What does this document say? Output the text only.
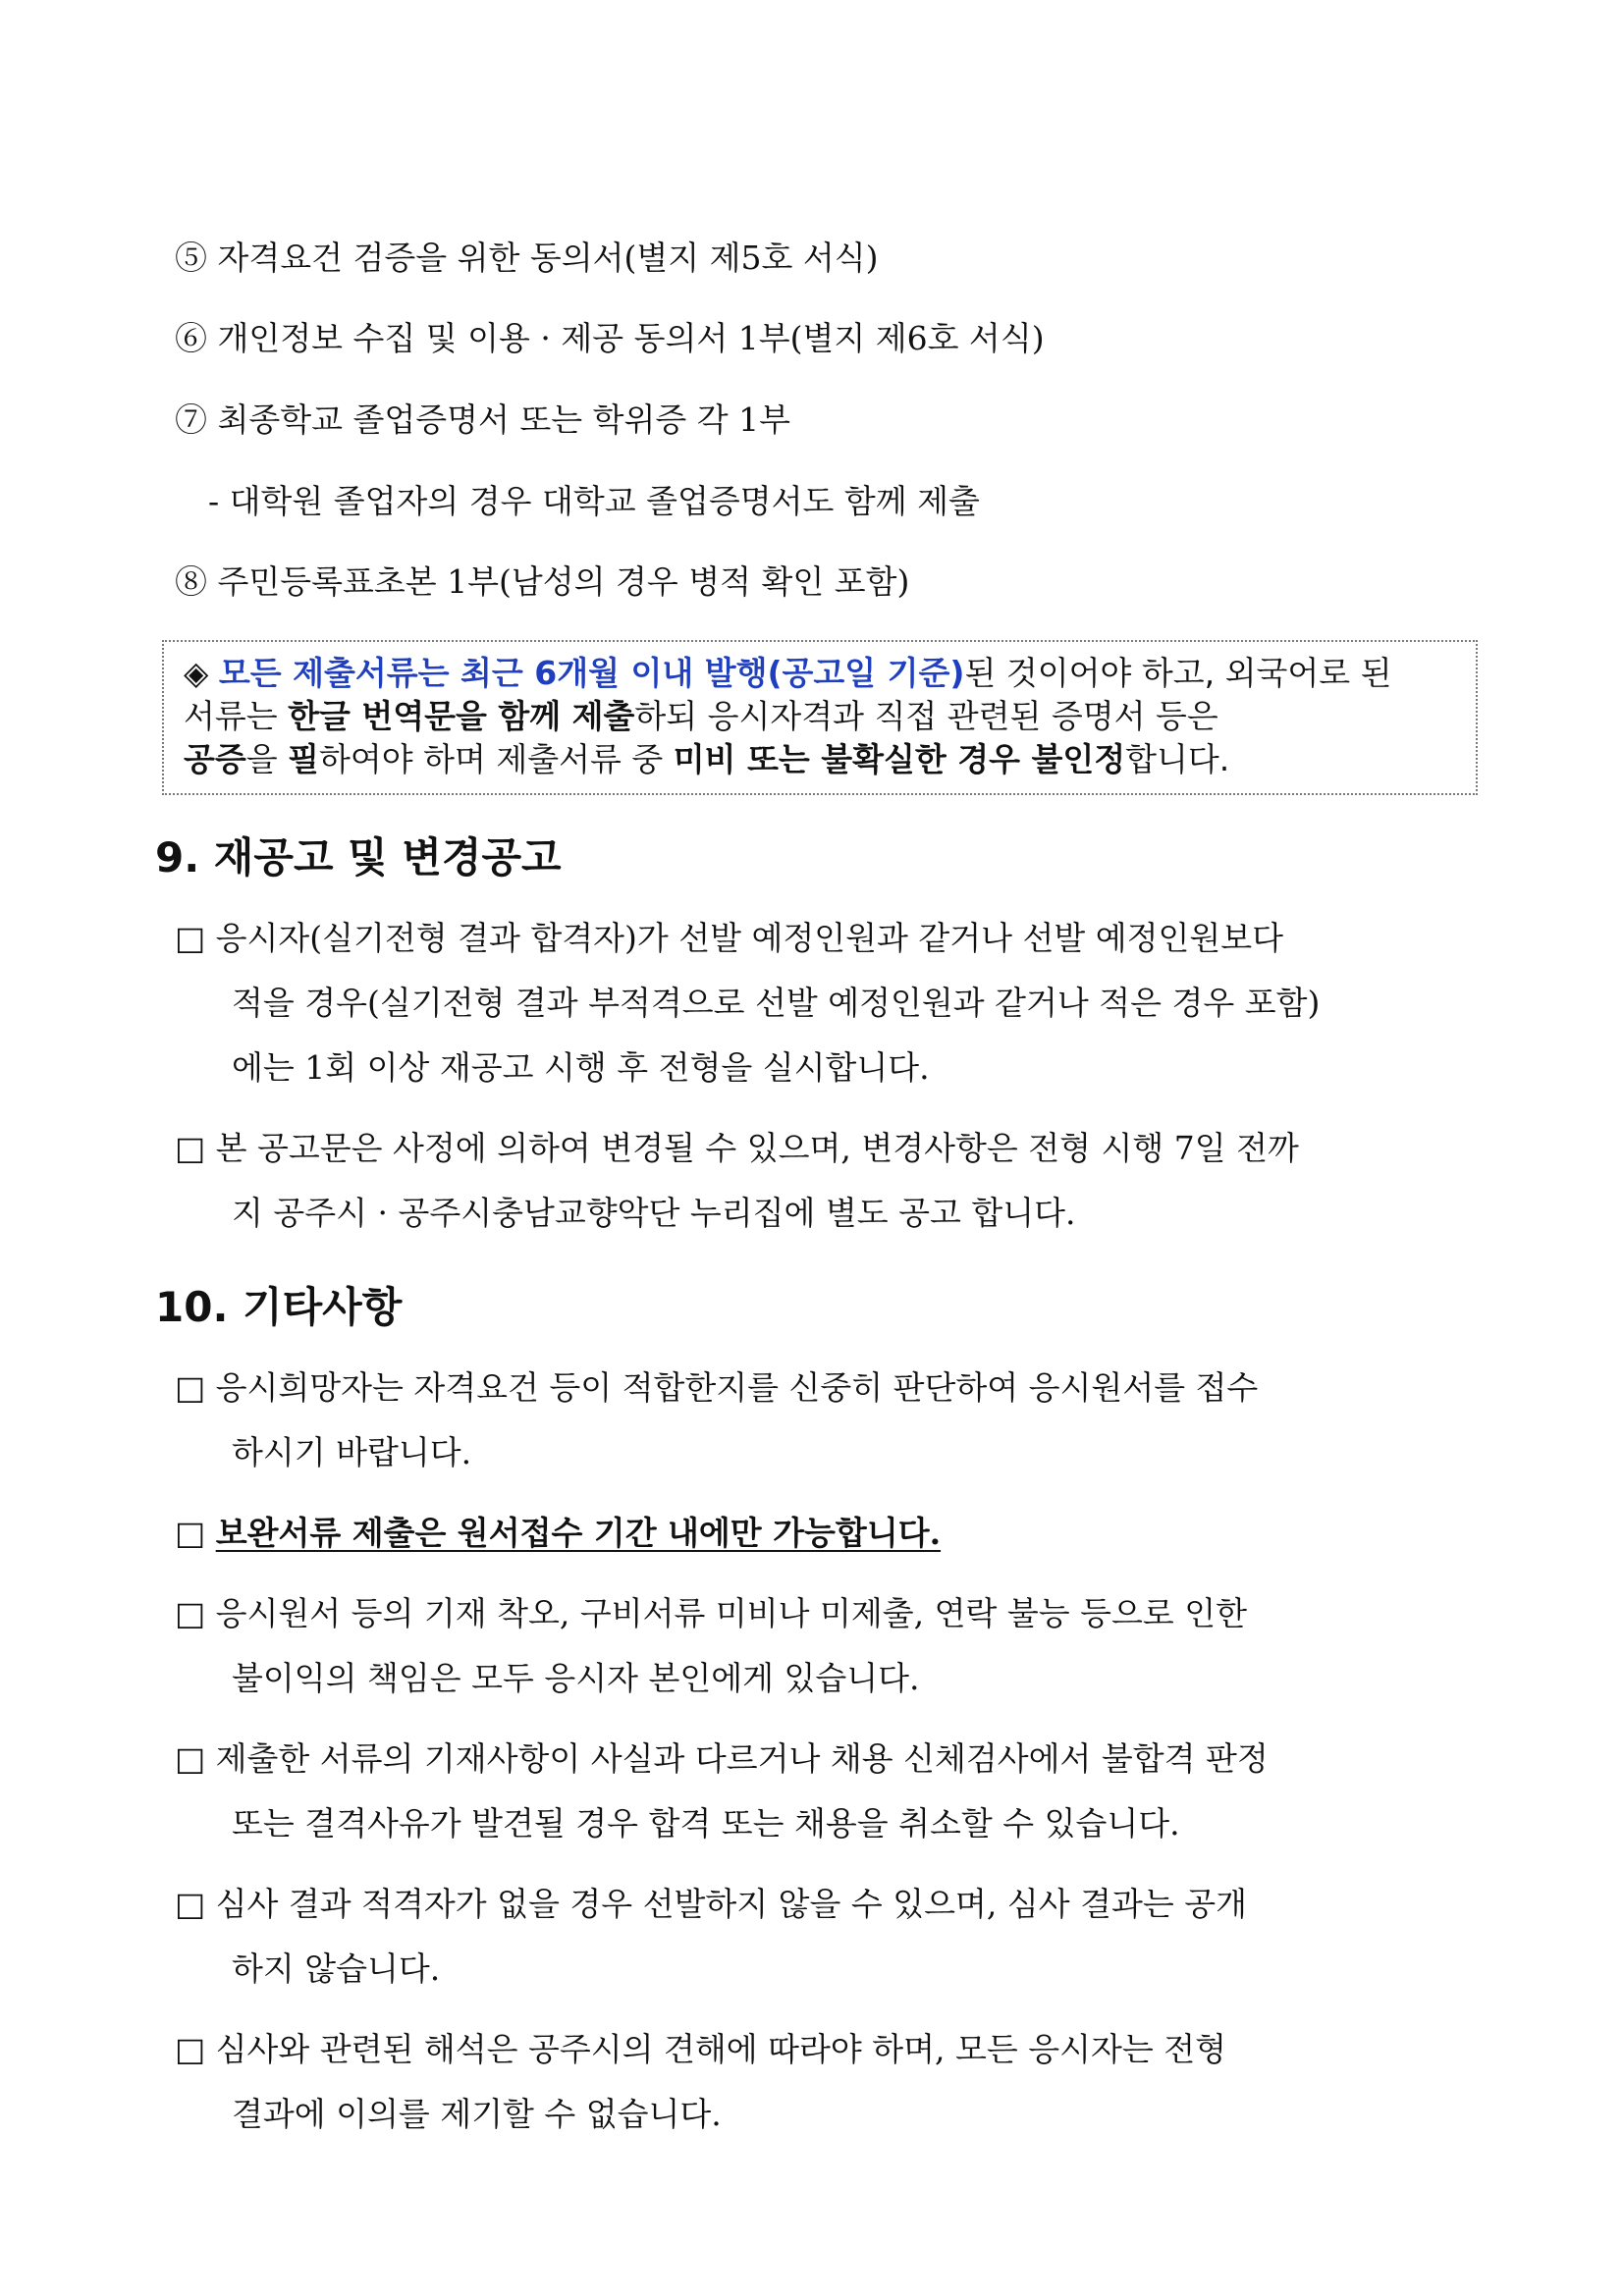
⑤ 자격요건 검증을 위한 동의서(별지 제5호 서식)
⑥ 개인정보 수집 및 이용 · 제공 동의서 1부(별지 제6호 서식)
⑦ 최종학교 졸업증명서 또는 학위증 각 1부
- 대학원 졸업자의 경우 대학교 졸업증명서도 함께 제출
⑧ 주민등록표초본 1부(남성의 경우 병적 확인 포함)
◈ 모든 제출서류는 최근 6개월 이내 발행(공고일 기준)된 것이어야 하고, 외국어로 된
서류는 한글 번역문을 함께 제출하되 응시자격과 직접 관련된 증명서 등은
공증을 필하여야 하며 제출서류 중 미비 또는 불확실한 경우 불인정합니다.
9. 재공고 및 변경공고
□ 응시자(실기전형 결과 합격자)가 선발 예정인원과 같거나 선발 예정인원보다
적을 경우(실기전형 결과 부적격으로 선발 예정인원과 같거나 적은 경우 포함)
에는 1회 이상 재공고 시행 후 전형을 실시합니다.
□ 본 공고문은 사정에 의하여 변경될 수 있으며, 변경사항은 전형 시행 7일 전까
지 공주시 · 공주시충남교향악단 누리집에 별도 공고 합니다.
10. 기타사항
□ 응시희망자는 자격요건 등이 적합한지를 신중히 판단하여 응시원서를 접수
하시기 바랍니다.
□ 보완서류 제출은 원서접수 기간 내에만 가능합니다.
□ 응시원서 등의 기재 착오, 구비서류 미비나 미제출, 연락 불능 등으로 인한
불이익의 책임은 모두 응시자 본인에게 있습니다.
□ 제출한 서류의 기재사항이 사실과 다르거나 채용 신체검사에서 불합격 판정
또는 결격사유가 발견될 경우 합격 또는 채용을 취소할 수 있습니다.
□ 심사 결과 적격자가 없을 경우 선발하지 않을 수 있으며, 심사 결과는 공개
하지 않습니다.
□ 심사와 관련된 해석은 공주시의 견해에 따라야 하며, 모든 응시자는 전형
결과에 이의를 제기할 수 없습니다.
